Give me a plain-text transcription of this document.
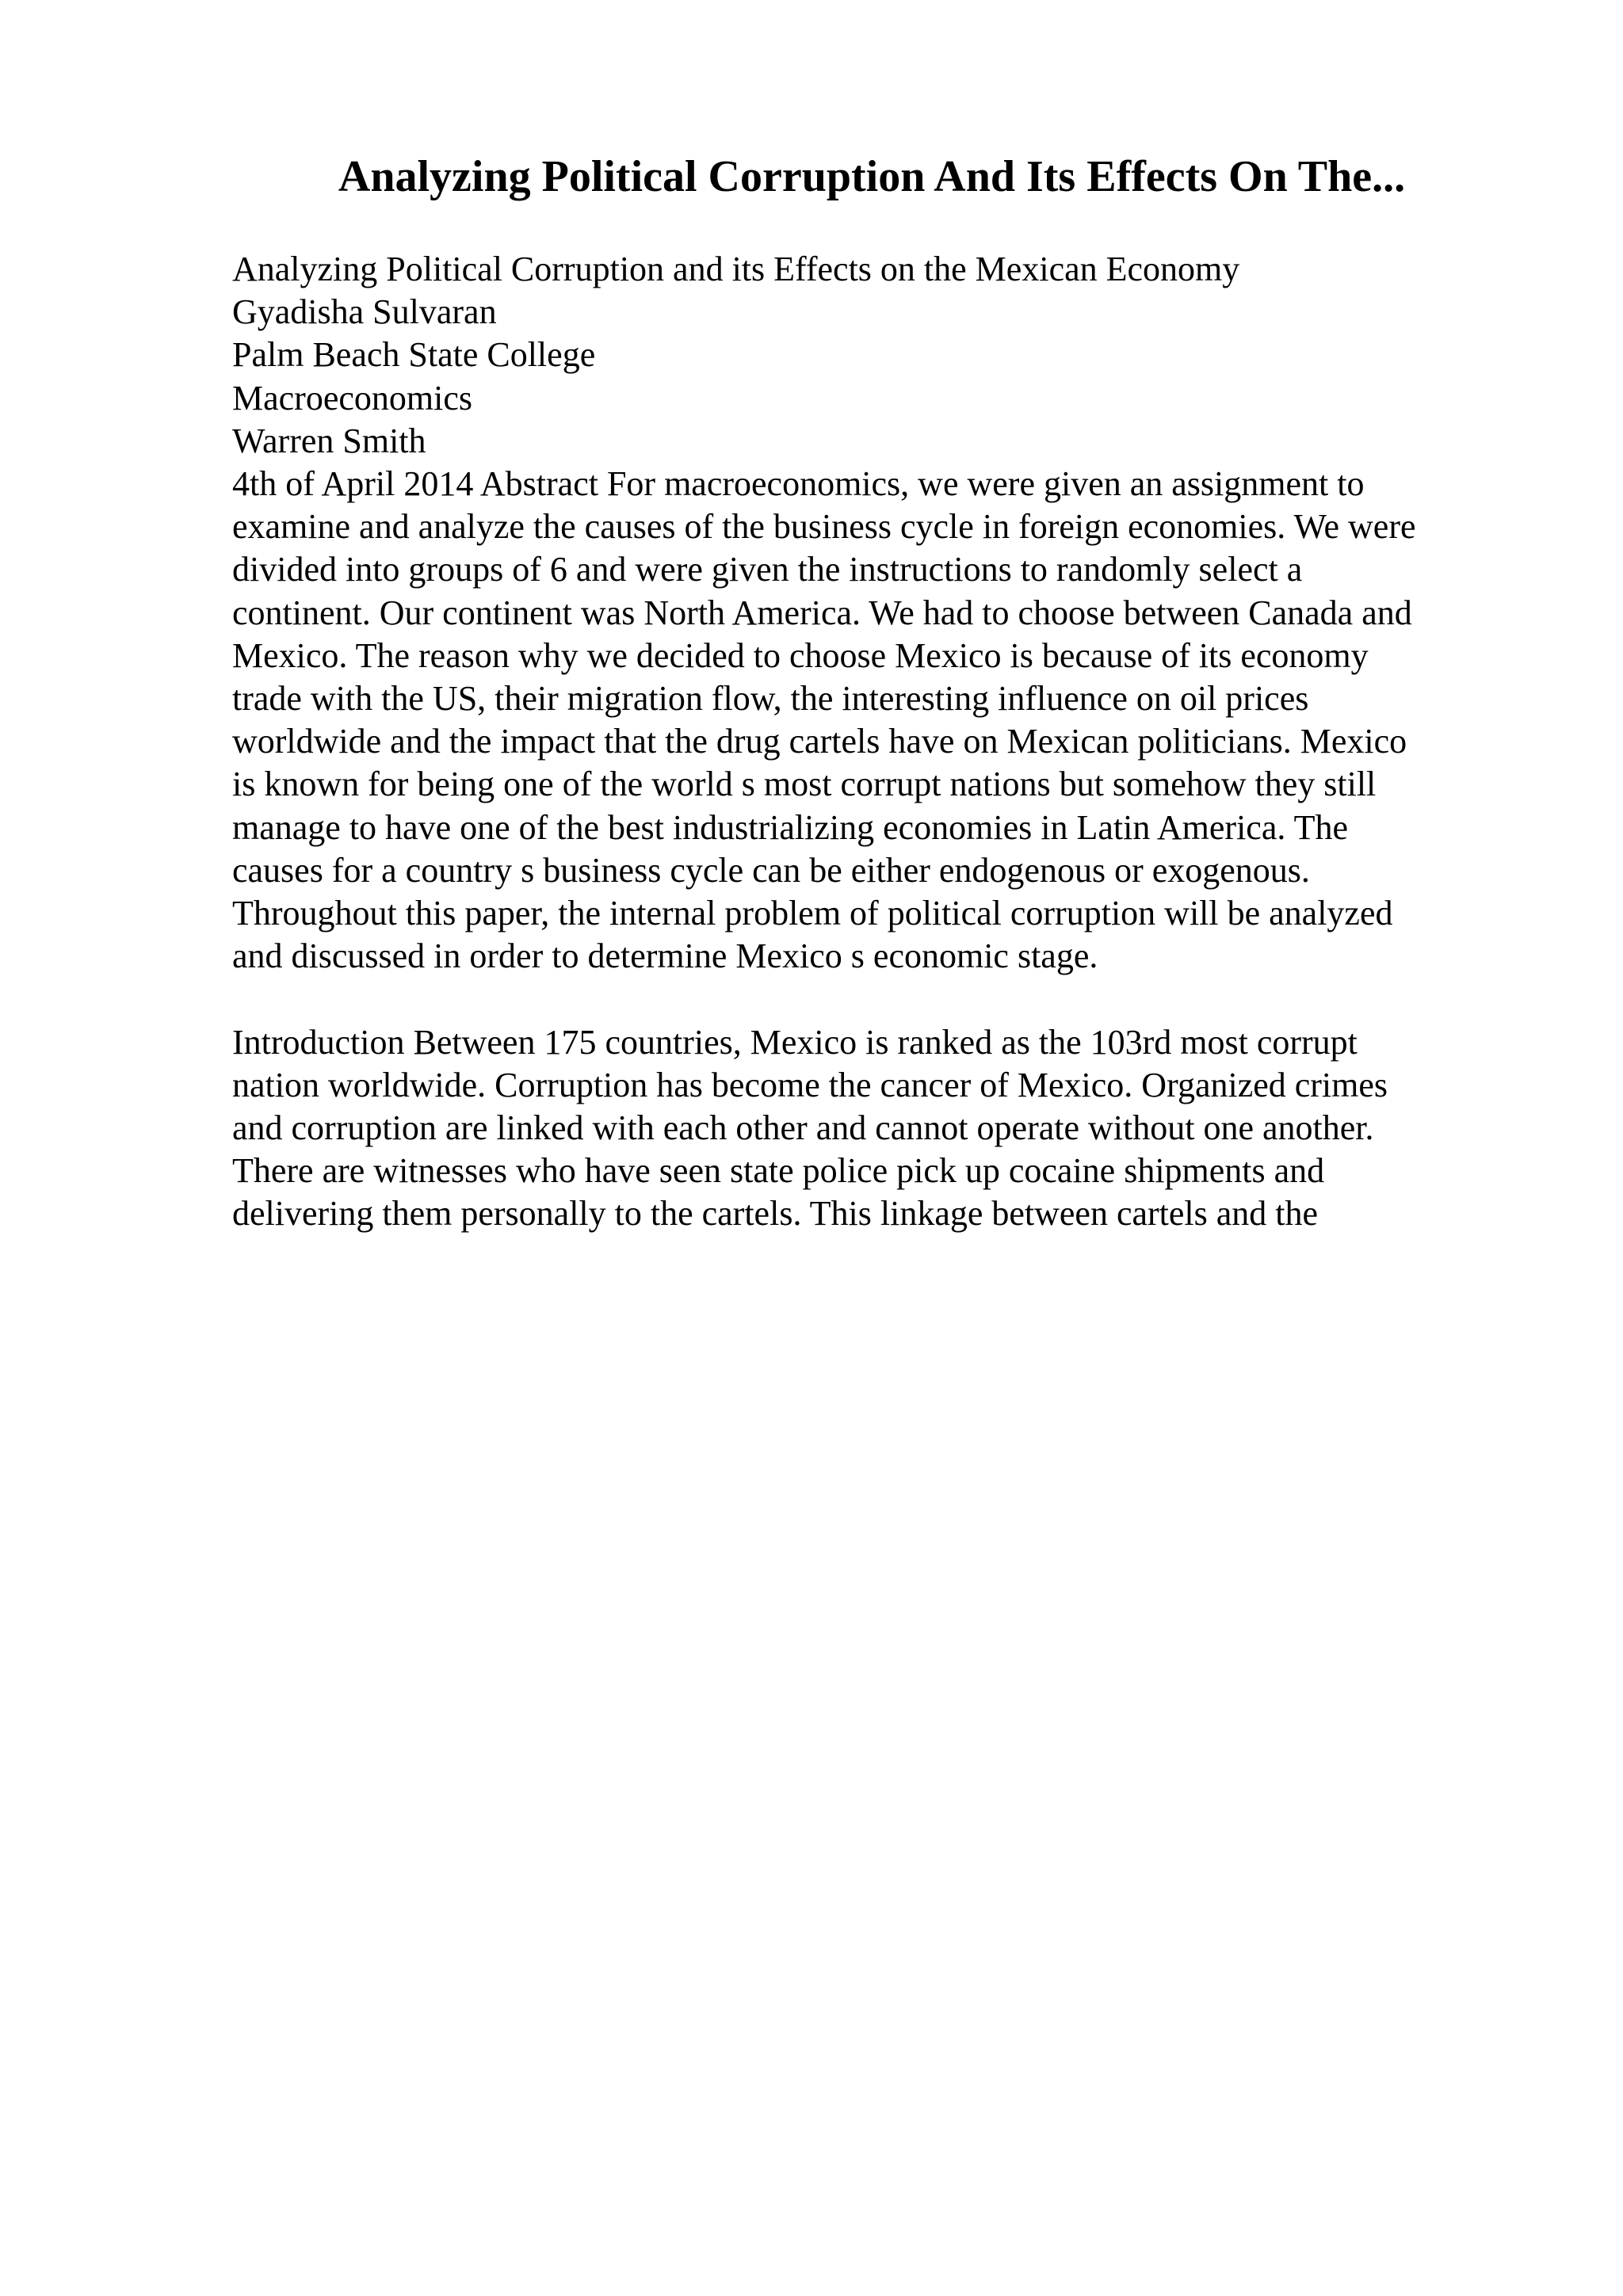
Analyzing Political Corruption And Its Effects On The...
Analyzing Political Corruption and its Effects on the Mexican Economy
Gyadisha Sulvaran
Palm Beach State College
Macroeconomics
Warren Smith
4th of April 2014 Abstract For macroeconomics, we were given an assignment to
examine and analyze the causes of the business cycle in foreign economies. We were
divided into groups of 6 and were given the instructions to randomly select a
continent. Our continent was North America. We had to choose between Canada and
Mexico. The reason why we decided to choose Mexico is because of its economy
trade with the US, their migration flow, the interesting influence on oil prices
worldwide and the impact that the drug cartels have on Mexican politicians. Mexico
is known for being one of the world s most corrupt nations but somehow they still
manage to have one of the best industrializing economies in Latin America. The
causes for a country s business cycle can be either endogenous or exogenous.
Throughout this paper, the internal problem of political corruption will be analyzed
and discussed in order to determine Mexico s economic stage.
Introduction Between 175 countries, Mexico is ranked as the 103rd most corrupt
nation worldwide. Corruption has become the cancer of Mexico. Organized crimes
and corruption are linked with each other and cannot operate without one another.
There are witnesses who have seen state police pick up cocaine shipments and
delivering them personally to the cartels. This linkage between cartels and the
